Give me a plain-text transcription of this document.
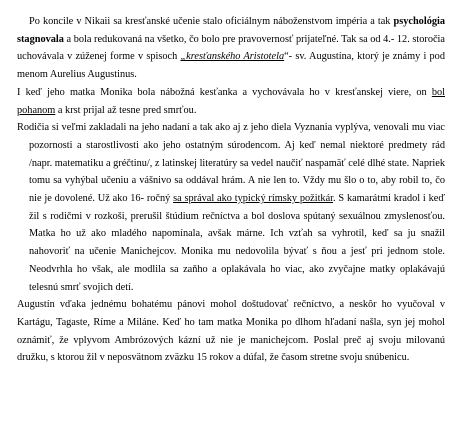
Po koncile v Nikaii sa kresťanské učenie stalo oficiálnym náboženstvom impéria a tak psychológia stagnovala a bola redukovaná na všetko, čo bolo pre pravovernosť prijateľné. Tak sa od 4.- 12. storočia uchovávala v zúženej forme v spisoch „kresťanského Aristotela“- sv. Augustína, ktorý je známy i pod menom Aurelius Augustinus.

I keď jeho matka Monika bola nábožná kesťanka a vychovávala ho v kresťanskej viere, on bol pohanom a krst prijal až tesne pred smrťou.

Rodičia si veľmi zakladali na jeho nadaní a tak ako aj z jeho diela Vyznania vyplýva, venovali mu viac pozornosti a starostlivosti ako jeho ostatným súrodencom. Aj keď nemal niektoré predmety rád /napr. matematiku a gréčtinu/, z latinskej literatúry sa vedel naučiť naspamäť celé dlhé state. Napriek tomu sa vyhýbal učeniu a vášnivo sa oddával hrám. A nie len to. Vždy mu šlo o to, aby robil to, čo nie je dovolené. Už ako 16- ročný sa správal ako typický rímsky požitkár. S kamarátmi kradol i keď žil s rodičmi v rozkoši, prerušil štúdium rečníctva a bol doslova spútaný sexuálnou zmyslenosťou. Matka ho už ako mladého napomínala, avšak márne. Ich vzťah sa vyhrotil, keď sa ju snažil nahovoriť na učenie Manichejcov. Monika mu nedovolila bývať s ňou a jesť pri jednom stole. Neodvrhla ho však, ale modlila sa zaňho a oplakávala ho viac, ako zvyčajne matky oplakávajú telesnú smrť svojich detí.

Augustín vďaka jednému bohatému pánovi mohol doštudovať rečníctvo, a neskôr ho vyučoval v Kartágu, Tagaste, Ríme a Miláne. Keď ho tam matka Monika po dlhom hľadaní našla, syn jej mohol oznámiť, že vplyvom Ambrózových kázní už nie je manichejcom. Poslal preč aj svoju milovanú družku, s ktorou žil v neposvätnom zväzku 15 rokov a dúfal, že časom stretne svoju snúbenicu.
